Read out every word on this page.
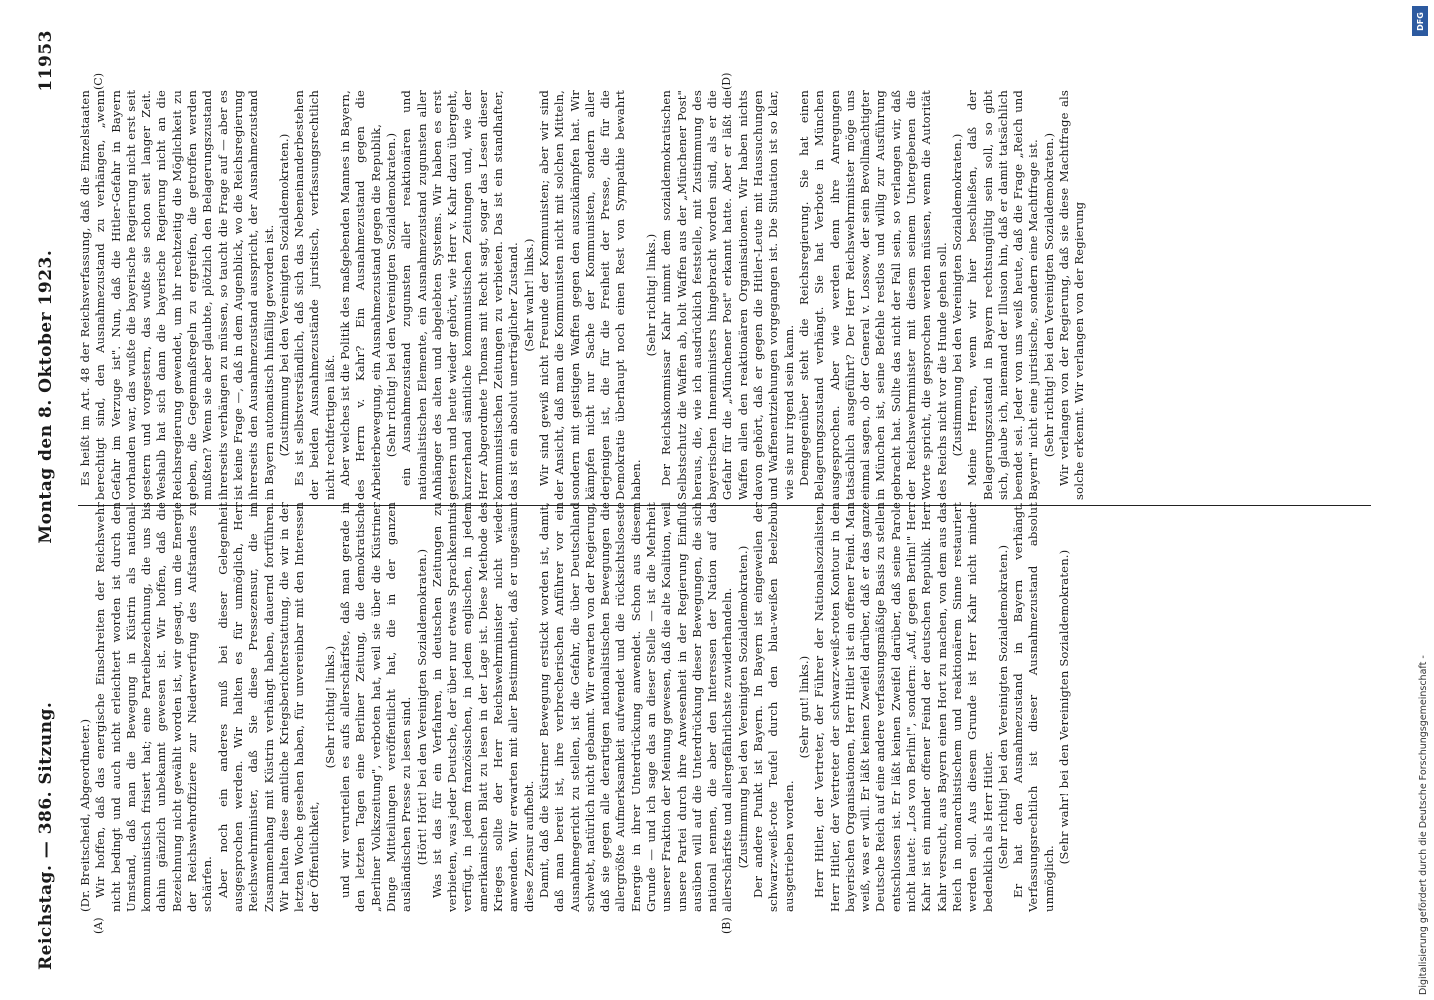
Reichstag. — 386. Sitzung.
Montag den 8. Oktober 1923.
11953
(A)	(B)
(C)	(D)

(Dr. Breitscheid, Abgeordneter.) Wir hoffen, daß das energische Einschreiten der Reichswehr nicht bedingt und auch nicht erleichtert worden ist durch den Umstand, daß man die Bewegung in Küstrin als national-kommunistisch frisiert hat; eine Parteibezeichnung, die uns bis dahin gänzlich unbekannt gewesen ist. Wir hoffen, daß die Bezeichnung nicht gewählt worden ist, wir gesagt, um die Energie der Reichswehroffiziere zur Niederwerfung des Aufstandes zu schärfen. Aber noch ein anderes muß bei dieser Gelegenheit ausgesprochen werden. Wir halten es für unmöglich, Herr Reichswehrminister, daß Sie diese Pressezensur, die im Zusammenhang mit Küstrin verhängt haben, dauernd fortführen. Wir halten diese amtliche Kriegsberichterstattung, die wir in der letzten Woche gesehen haben, für unvereinbar mit den Interessen der Öffentlichkeit,

(Sehr richtig! links.) und wir verurteilen es aufs allerschärfste, daß man gerade in den letzten Tagen eine Berliner Zeitung, die demokratische „Berliner Volkszeitung", verboten hat, weil sie über die Küstriner Dinge Mitteilungen veröffentlicht hat, die in der ganzen ausländischen Presse zu lesen sind. (Hört! Hört! bei den Vereinigten Sozialdemokraten.) Was ist das für ein Verfahren, in deutschen Zeitungen zu verbieten, was jeder Deutsche, der über nur etwas Sprachkenntnis verfügt, in jedem französischen, in jedem englischen, in jedem amerikanischen Blatt zu lesen in der Lage ist. Diese Methode des Krieges sollte der Herr Reichswehrminister nicht wieder anwenden. Wir erwarten mit aller Bestimmtheit, daß er ungesäumt diese Zensur aufhebt. Damit, daß die Küstriner Bewegung erstickt worden ist, damit, daß man bereit ist, ihre verbrecherischen Anführer vor ein Ausnahmegericht zu stellen, ist die Gefahr, die über Deutschland schwebt, natürlich nicht gebannt. Wir erwarten von der Regierung, daß sie gegen alle derartigen nationalistischen Bewegungen die allergrößte Aufmerksamkeit aufwendet und die rücksichtsloseste Energie in ihrer Unterdrückung anwendet. Schon aus diesem Grunde — und ich sage das an dieser Stelle — ist die Mehrheit unserer Fraktion der Meinung gewesen, daß die alte Koalition, weil unsere Partei durch ihre Anwesenheit in der Regierung Einfluß ausüben will auf die Unterdrückung dieser Bewegungen, die sich national nennen, die aber den Interessen der Nation auf das allerschärfste und allergefährlichste zuwiderhandeln. (Zustimmung bei den Vereinigten Sozialdemokraten.) Der andere Punkt ist Bayern. In Bayern ist eingeweilen der schwarz-weiß-rote Teufel durch den blau-weißen Beelzebub ausgetrieben worden.

(Sehr gut! links.) Herr Hitler, der Vertreter, der Führer der Nationalsozialisten, Herr Hitler, der Vertreter der schwarz-weiß-roten Kontour in den bayerischen Organisationen, Herr Hitler ist ein offener Feind. Man weiß, was er will. Er läßt keinen Zweifel darüber, daß er das ganze Deutsche Reich auf eine andere verfassungsmäßige Basis zu stellen entschlossen ist. Er läßt keinen Zweifel darüber, daß seine Parole nicht lautet: „Los von Berlin!", sondern: „Auf, gegen Berlin!" Herr Kahr ist ein minder offener Feind der deutschen Republik. Herr Kahr versucht, aus Bayern einen Hort zu machen, von dem aus das Reich in monarchistischem und reaktionärem Sinne restauriert werden soll. Aus diesem Grunde ist Herr Kahr nicht minder bedenklich als Herr Hitler. (Sehr richtig! bei den Vereinigten Sozialdemokraten.) Er hat den Ausnahmezustand in Bayern verhängt. Verfassungsrechtlich ist dieser Ausnahmezustand absolut unmöglich.

(Sehr wahr! bei den Vereinigten Sozialdemokraten.)

Es heißt im Art. 48 der Reichsverfassung, daß die Einzelstaaten berechtigt sind, den Ausnahmezustand zu verhängen, „wenn Gefahr im Verzuge ist". Nun, daß die Hitler-Gefahr in Bayern vorhanden war, das wußte die bayerische Regierung nicht erst seit gestern und vorgestern, das wußte sie schon seit langer Zeit. Weshalb hat sich dann die bayerische Regierung nicht an die Reichsregierung gewendet, um ihr rechtzeitig die Möglichkeit zu geben, die Gegenmaßregeln zu ergreifen, die getroffen werden mußten? Wenn sie aber glaubte, plötzlich den Belagerungszustand ihrerseits verhängen zu müssen, so taucht die Frage auf — aber es ist keine Frage —, daß in dem Augenblick, wo die Reichsregierung ihrerseits den Ausnahmezustand ausspricht, der Ausnahmezustand in Bayern automatisch hinfällig geworden ist. (Zustimmung bei den Vereinigten Sozialdemokraten.) Es ist selbstverständlich, daß sich das Nebeneinanderbestehen der beiden Ausnahmezustände juristisch, verfassungsrechtlich nicht rechtfertigen läßt. Aber welches ist die Politik des maßgebenden Mannes in Bayern, des Herrn v. Kahr? Ein Ausnahmezustand gegen die Arbeiterbewegung, ein Ausnahmezustand gegen die Republik, (Sehr richtig! bei den Vereinigten Sozialdemokraten.) ein Ausnahmezustand zugunsten aller reaktionären und nationalistischen Elemente, ein Ausnahmezustand zugunsten aller Anhänger des alten und abgelebten Systems. Wir haben es erst gestern und heute wieder gehört, wie Herr v. Kahr dazu übergeht, kurzerhand sämtliche kommunistischen Zeitungen und, wie der Herr Abgeordnete Thomas mit Recht sagt, sogar das Lesen dieser kommunistischen Zeitungen zu verbieten. Das ist ein standhafter, das ist ein absolut unerträglicher Zustand. (Sehr wahr! links.) Wir sind gewiß nicht Freunde der Kommunisten; aber wir sind der Ansicht, daß man die Kommunisten nicht mit solchen Mitteln, sondern mit geistigen Waffen gegen den auszukämpfen hat. Wir kämpfen nicht nur Sache der Kommunisten, sondern aller derjenigen ist, die für die Freiheit der Presse, die für die Demokratie überhaupt noch einen Rest von Sympathie bewahrt haben.

(Sehr richtig! links.) Der Reichskommissar Kahr nimmt dem sozialdemokratischen Selbstschutz die Waffen ab, holt Waffen aus der „Münchener Post" heraus, die, wie ich ausdrücklich feststelle, mit Zustimmung des bayerischen Innenministers hingebracht worden sind, als er die Gefahr für die „Münchener Post" erkannt hatte. Aber er läßt die Waffen allen den reaktionären Organisationen. Wir haben nichts davon gehört, daß er gegen die Hitler-Leute mit Haussuchungen und Waffenentziehungen vorgegangen ist. Die Situation ist so klar, wie sie nur irgend sein kann. Demgegenüber steht die Reichsregierung. Sie hat einen Belagerungszustand verhängt. Sie hat Verbote in München ausgesprochen. Aber wie werden denn ihre Anregungen tatsächlich ausgeführt? Der Herr Reichswehrminister möge uns einmal sagen, ob der General v. Lossow, der sein Bevollmächtigter in München ist, seine Befehle restlos und willig zur Ausführung gebracht hat. Sollte das nicht der Fall sein, so verlangen wir, daß der Reichswehrminister mit diesem seinem Untergebenen die Worte spricht, die gesprochen werden müssen, wenn die Autorität des Reichs nicht vor die Hunde gehen soll. (Zustimmung bei den Vereinigten Sozialdemokraten.) Meine Herren, wenn wir hier beschließen, daß der Belagerungszustand in Bayern rechtsungültig sein soll, so gibt sich, glaube ich, niemand der Illusion hin, daß er damit tatsächlich beendet sei. Jeder von uns weiß heute, daß die Frage „Reich und Bayern" nicht eine juristische, sondern eine Machtfrage ist. (Sehr richtig! bei den Vereinigten Sozialdemokraten.) Wir verlangen von der Regierung, daß sie diese Machtfrage als solche erkennt. Wir verlangen von der Regierung

DFG
Digitalisierung gefördert durch die Deutsche Forschungsgemeinschaft -
